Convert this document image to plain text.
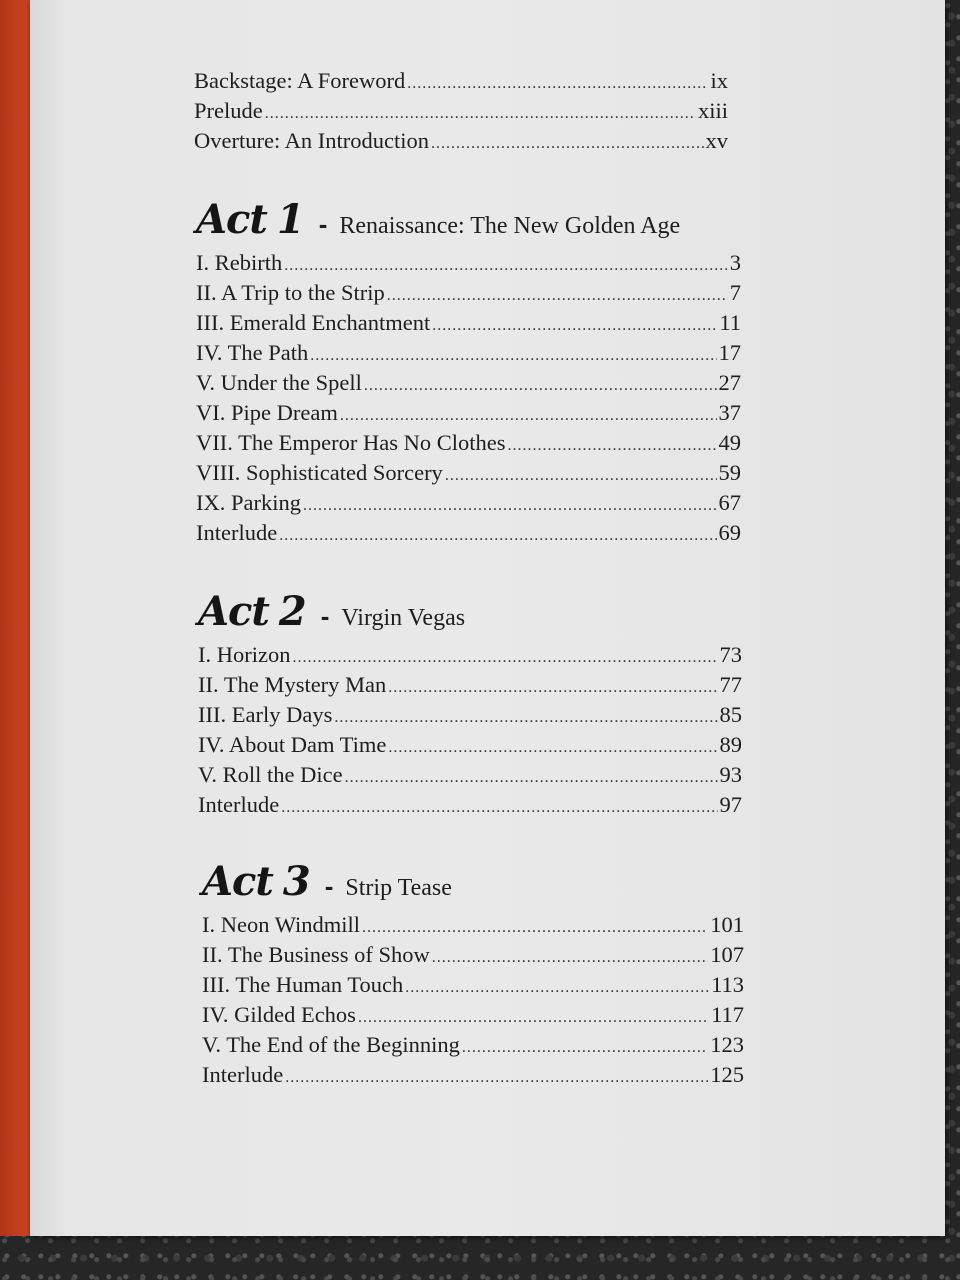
Backstage: A Foreword .....	ix
Prelude .....	xiii
Overture: An Introduction .....	xv
Act 1 - Renaissance: The New Golden Age
I. Rebirth .....	3
II. A Trip to the Strip .....	7
III. Emerald Enchantment .....	11
IV. The Path .....	17
V. Under the Spell .....	27
VI. Pipe Dream .....	37
VII. The Emperor Has No Clothes .....	49
VIII. Sophisticated Sorcery .....	59
IX. Parking .....	67
Interlude .....	69
Act 2 - Virgin Vegas
I. Horizon .....	73
II. The Mystery Man .....	77
III. Early Days .....	85
IV. About Dam Time .....	89
V. Roll the Dice .....	93
Interlude .....	97
Act 3 - Strip Tease
I. Neon Windmill .....	101
II. The Business of Show .....	107
III. The Human Touch .....	113
IV. Gilded Echos .....	117
V. The End of the Beginning .....	123
Interlude .....	125
